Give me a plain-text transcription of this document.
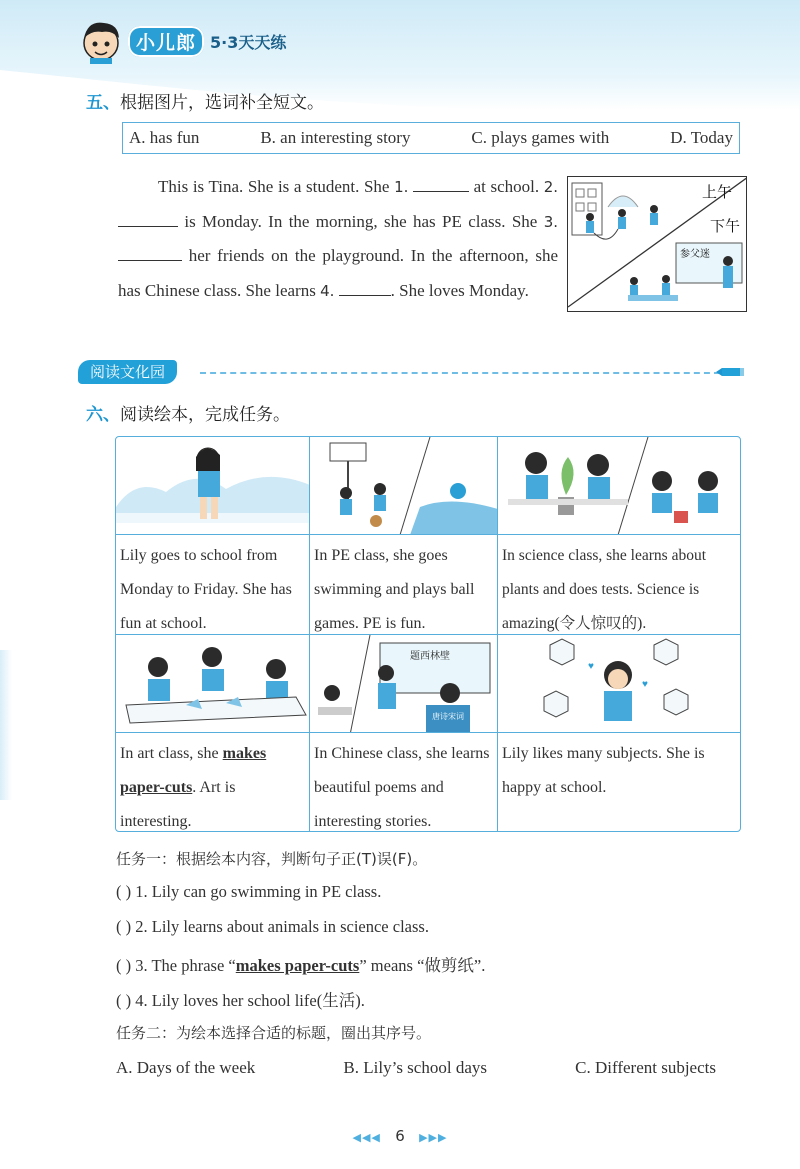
小儿郎 5·3天天练
五、根据图片，选词补全短文。
A. has fun	B. an interesting story	C. plays games with	D. Today
This is Tina. She is a student. She 1.	at school. 2.  is Monday. In the morning, she has PE class. She 3.  her friends on the playground. In the afternoon, she has Chinese class. She learns 4.	. She loves Monday.
上午
下午
参父迷
阅读文化园
六、阅读绘本，完成任务。
Lily goes to school from Monday to Friday. She has fun at school.
In PE class, she goes swimming and plays ball games. PE is fun.
In science class, she learns about plants and does tests. Science is amazing(令人惊叹的).
题西林壁
唐诗宋词
♥
♥
In art class, she makes paper-cuts. Art is interesting.
In Chinese class, she learns beautiful poems and interesting stories.
Lily likes many subjects. She is happy at school.
任务一：根据绘本内容，判断句子正(T)误(F)。
( ) 1. Lily can go swimming in PE class.
( ) 2. Lily learns about animals in science class.
( ) 3. The phrase “makes paper-cuts” means “做剪纸”.
( ) 4. Lily loves her school life(生活).
任务二：为绘本选择合适的标题，圈出其序号。
A. Days of the week	B. Lily’s school days	C. Different subjects
◀◀◀ 6 ▶▶▶
